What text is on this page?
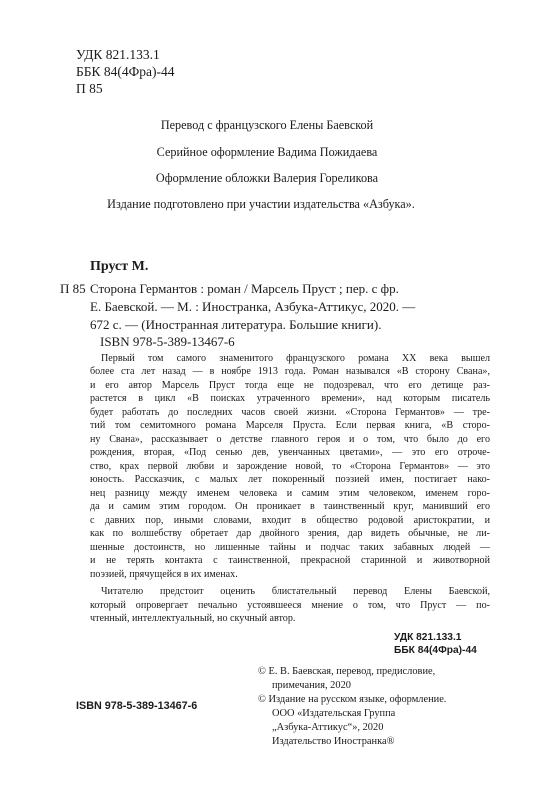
УДК 821.133.1
ББК 84(4Фра)-44
П 85
Перевод с французского Елены Баевской
Серийное оформление Вадима Пожидаева
Оформление обложки Валерия Гореликова
Издание подготовлено при участии издательства «Азбука».
Пруст М.
П 85 Сторона Германтов : роман / Марсель Пруст ; пер. с фр.
Е. Баевской. — М. : Иностранка, Азбука-Аттикус, 2020. —
672 с. — (Иностранная литература. Большие книги).
ISBN 978-5-389-13467-6
Первый том самого знаменитого французского романа XX века вышел
более ста лет назад — в ноябре 1913 года. Роман назывался «В сторону Свана»,
и его автор Марсель Пруст тогда еще не подозревал, что его детище раз-
растется в цикл «В поисках утраченного времени», над которым писатель
будет работать до последних часов своей жизни. «Сторона Германтов» — тре-
тий том семитомного романа Марселя Пруста. Если первая книга, «В сторо-
ну Свана», рассказывает о детстве главного героя и о том, что было до его
рождения, вторая, «Под сенью дев, увенчанных цветами», — это его отроче-
ство, крах первой любви и зарождение новой, то «Сторона Германтов» — это
юность. Рассказчик, с малых лет покоренный поэзией имен, постигает нако-
нец разницу между именем человека и самим этим человеком, именем горо-
да и самим этим городом. Он проникает в таинственный круг, манивший его
с давних пор, иными словами, входит в общество родовой аристократии, и
как по волшебству обретает дар двойного зрения, дар видеть обычные, не ли-
шенные достоинств, но лишенные тайны и подчас таких забавных людей —
и не терять контакта с таинственной, прекрасной старинной и животворной
поэзией, прячущейся в их именах.
Читателю предстоит оценить блистательный перевод Елены Баевской,
который опровергает печально устоявшееся мнение о том, что Пруст — по-
чтенный, интеллектуальный, но скучный автор.
УДК 821.133.1
ББК 84(4Фра)-44
© Е. В. Баевская, перевод, предисловие,
примечания, 2020
© Издание на русском языке, оформление.
ООО «Издательская Группа
„Азбука-Аттикус“», 2020
Издательство Иностранка®
ISBN 978-5-389-13467-6
